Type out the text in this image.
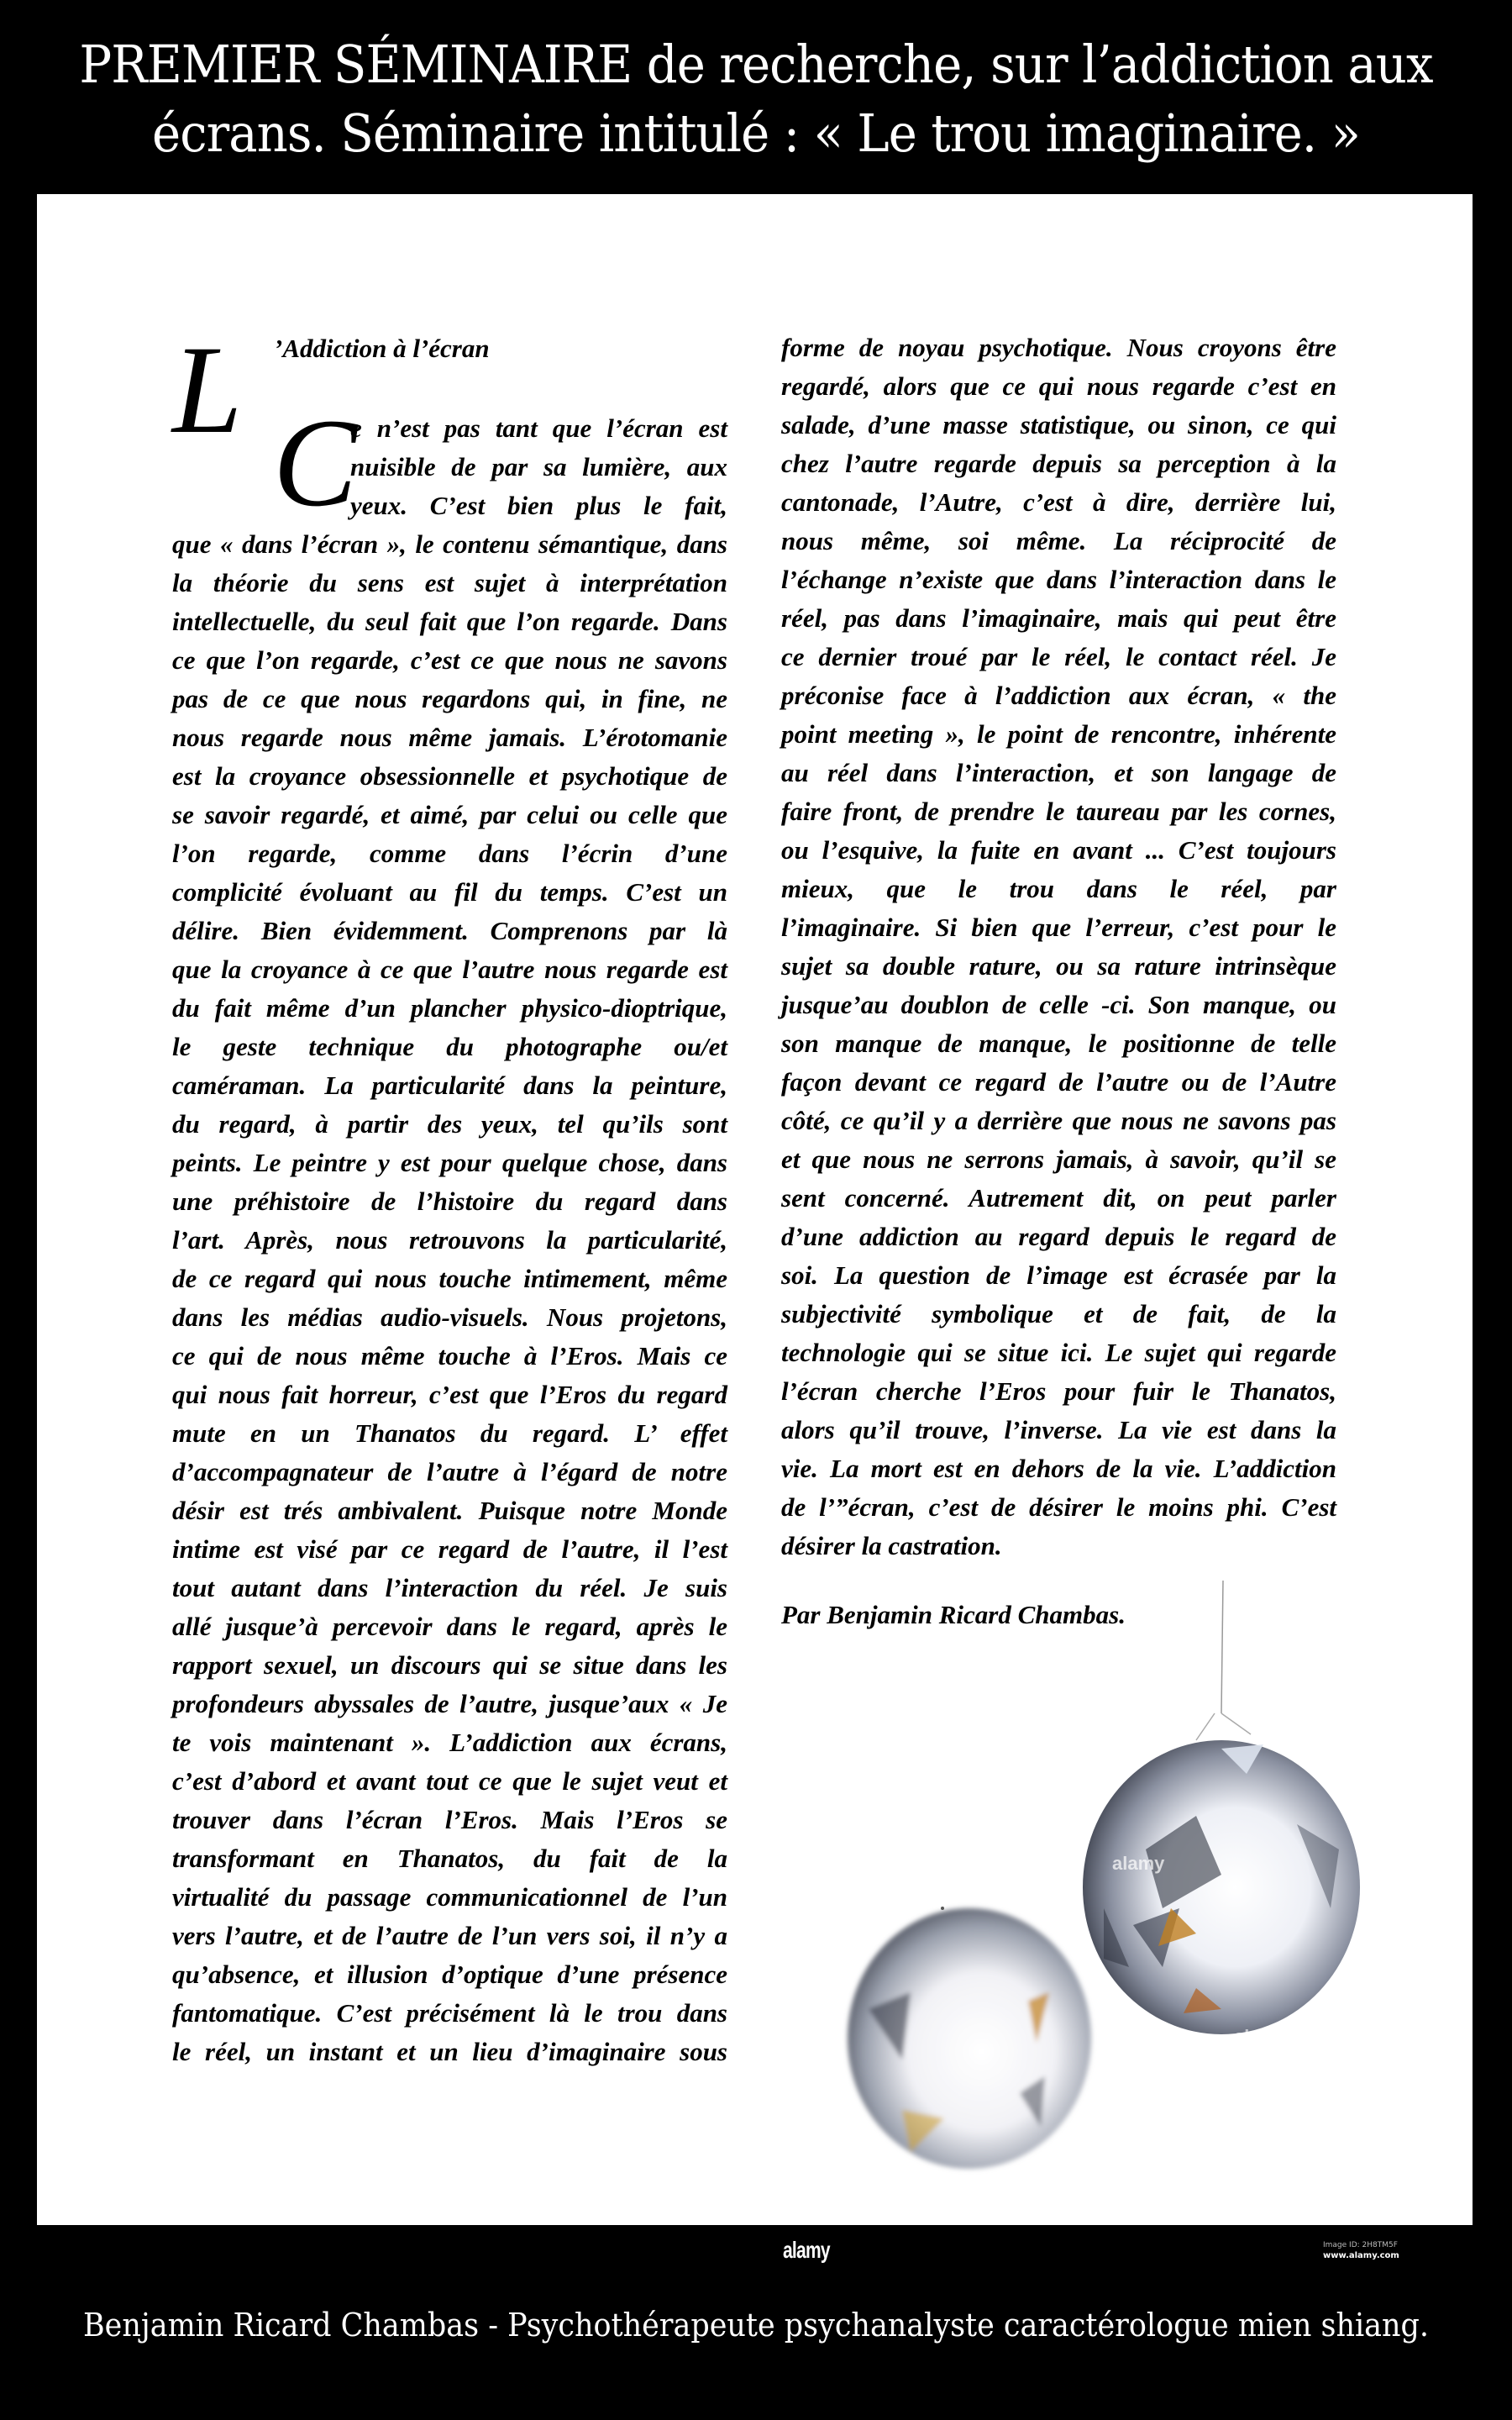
PREMIER SÉMINAIRE de recherche, sur l’addiction aux
écrans. Séminaire intitulé : « Le trou imaginaire. »
L ’Addiction à l’écran
C
e n’est pas tant que l’écran est
nuisible de par sa lumière, aux
yeux. C’est bien plus le fait,
que « dans l’écran », le contenu sémantique, dans
la théorie du sens est sujet à interprétation
intellectuelle, du seul fait que l’on regarde. Dans
ce que l’on regarde, c’est ce que nous ne savons
pas de ce que nous regardons qui, in fine, ne
nous regarde nous même jamais. L’érotomanie
est la croyance obsessionnelle et psychotique de
se savoir regardé, et aimé, par celui ou celle que
l’on regarde, comme dans l’écrin d’une
complicité évoluant au fil du temps. C’est un
délire. Bien évidemment. Comprenons par là
que la croyance à ce que l’autre nous regarde est
du fait même d’un plancher physico-dioptrique,
le geste technique du photographe ou/et
caméraman. La particularité dans la peinture,
du regard, à partir des yeux, tel qu’ils sont
peints. Le peintre y est pour quelque chose, dans
une préhistoire de l’histoire du regard dans
l’art. Après, nous retrouvons la particularité,
de ce regard qui nous touche intimement, même
dans les médias audio-visuels. Nous projetons,
ce qui de nous même touche à l’Eros. Mais ce
qui nous fait horreur, c’est que l’Eros du regard
mute en un Thanatos du regard. L’ effet
d’accompagnateur de l’autre à l’égard de notre
désir est trés ambivalent. Puisque notre Monde
intime est visé par ce regard de l’autre, il l’est
tout autant dans l’interaction du réel. Je suis
allé jusque’à percevoir dans le regard, après le
rapport sexuel, un discours qui se situe dans les
profondeurs abyssales de l’autre, jusque’aux « Je
te vois maintenant ». L’addiction aux écrans,
c’est d’abord et avant tout ce que le sujet veut et
trouver dans l’écran l’Eros. Mais l’Eros se
transformant en Thanatos, du fait de la
virtualité du passage communicationnel de l’un
vers l’autre, et de l’autre de l’un vers soi, il n’y a
qu’absence, et illusion d’optique d’une présence
fantomatique. C’est précisément là le trou dans
le réel, un instant et un lieu d’imaginaire sous
forme de noyau psychotique. Nous croyons être
regardé, alors que ce qui nous regarde c’est en
salade, d’une masse statistique, ou sinon, ce qui
chez l’autre regarde depuis sa perception à la
cantonade, l’Autre, c’est à dire, derrière lui,
nous même, soi même. La réciprocité de
l’échange n’existe que dans l’interaction dans le
réel, pas dans l’imaginaire, mais qui peut être
ce dernier troué par le réel, le contact réel. Je
préconise face à l’addiction aux écran, « the
point meeting », le point de rencontre, inhérente
au réel dans l’interaction, et son langage de
faire front, de prendre le taureau par les cornes,
ou l’esquive, la fuite en avant ... C’est toujours
mieux, que le trou dans le réel, par
l’imaginaire. Si bien que l’erreur, c’est pour le
sujet sa double rature, ou sa rature intrinsèque
jusque’au doublon de celle -ci. Son manque, ou
son manque de manque, le positionne de telle
façon devant ce regard de l’autre ou de l’Autre
côté, ce qu’il y a derrière que nous ne savons pas
et que nous ne serrons jamais, à savoir, qu’il se
sent concerné. Autrement dit, on peut parler
d’une addiction au regard depuis le regard de
soi. La question de l’image est écrasée par la
subjectivité symbolique et de fait, de la
technologie qui se situe ici. Le sujet qui regarde
l’écran cherche l’Eros pour fuir le Thanatos,
alors qu’il trouve, l’inverse. La vie est dans la
vie. La mort est en dehors de la vie. L’addiction
de l’”écran, c’est de désirer le moins phi. C’est
désirer la castration.
Par Benjamin Ricard Chambas.
alamy
alamy
alamy	Image ID: 2H8TM5F
www.alamy.com
Benjamin Ricard Chambas - Psychothérapeute psychanalyste caractérologue mien shiang.
